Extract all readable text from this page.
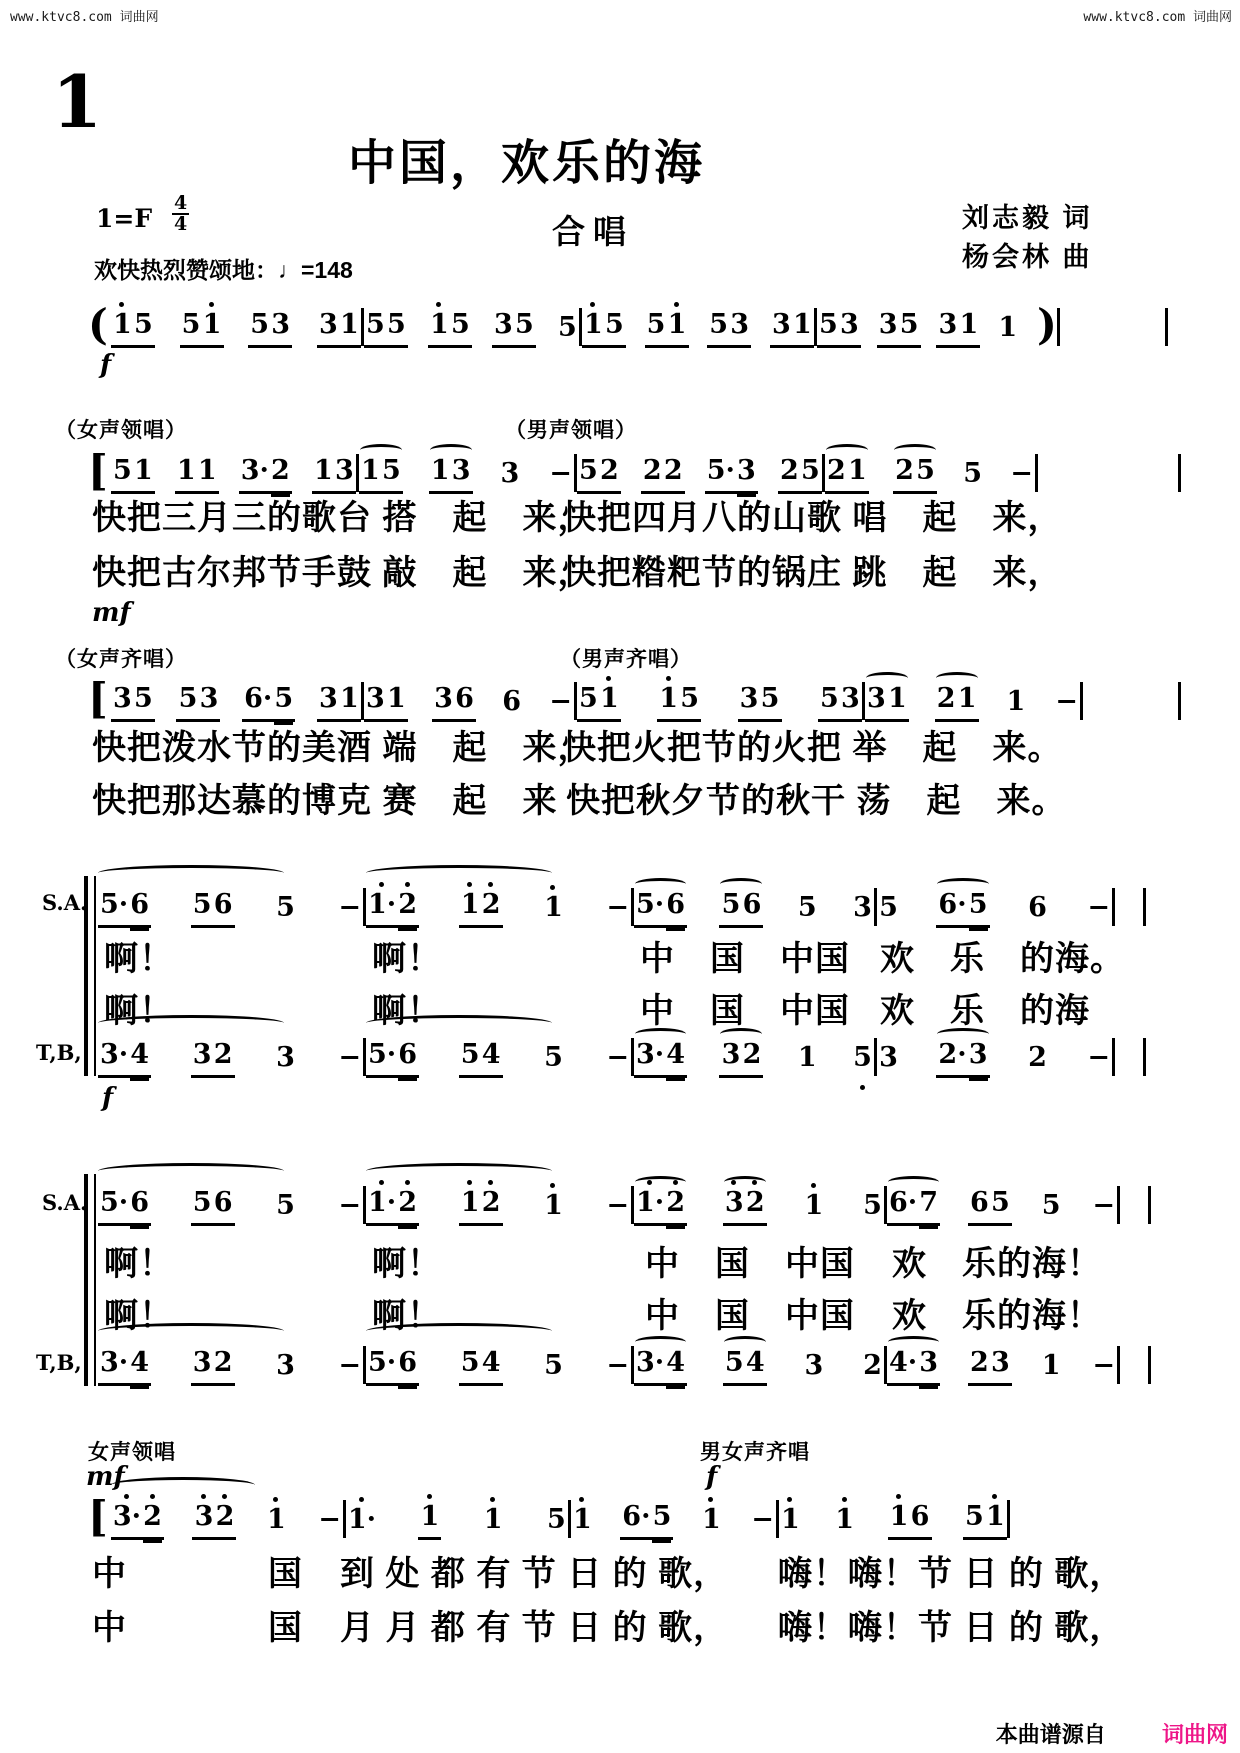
www.ktvc8.com 词曲网	www.ktvc8.com 词曲网
1
中国，欢乐的海
$1=F \frac{4}{4}$	合唱	刘志毅 词
杨会林 曲
欢快热烈赞颂地：♩=148
f
( 1 5 5 1 5 3 3 1 5 5 1 5 3 5 5 1 5 5 1 5 3 3 1 5 3 3 5 3 1 1 )
（女声领唱）	（男声领唱）
快把三月三的歌台 搭　起　来，
快把四月八的山歌 唱　起　来，
快把古尔邦节手鼓 敲　起　来，
快把糌粑节的锅庄 跳　起　来，
mf
[ 5 1 1 1 3· 2 1 3 1 5 1 3 3 − 5 2 2 2 5· 3 2 5 2 1 2 5 5 −
（女声齐唱）	（男声齐唱）
快把泼水节的美酒 端　起　来，
快把火把节的火把 举　起　来。
快把那达慕的博克 赛　起　来 快把秋夕节的秋干 荡　起　来。
[ 3 5 5 3 6· 5 3 1 3 1 3 6 6 − 5 1 1 5 3 5 5 3 3 1 2 1 1 −
S.A.
T,B,
啊！	啊！	中　国　中国 欢　乐　的海。
啊！	啊！	中　国　中国 欢　乐　的海
f
5· 6 5 6 5 − 1
· 2 1 2 1 − 5· 6 5 6 5 3 5 6· 5 6 −
3· 4 3 2 3 − 5· 6 5 4 5 − 3· 4 3 2 1 5 3 2· 3 2 −
S.A.
T,B,
啊！	啊！	中　国　中国 欢　乐的海！
啊！	啊！	中　国　中国 欢　乐的海！
5· 6 5 6 5 − 1
· 2 1 2 1 − 1
· 2 3 2 1 5 6· 7 6 5 5 −
3· 4 3 2 3 − 5· 6 5 4 5 − 3· 4 5 4 3 2 4· 3 2 3 1 −
女声领唱	男女声齐唱
mf	f
中	国 到 处 都 有 节 日 的 歌， 嗨！嗨！节 日 的 歌，
中	国 月 月 都 有 节 日 的 歌， 嗨！嗨！节 日 的 歌，
[ 3
· 2 3 2 1 − 1
· 1 1 5 1 6· 5 1 − 1 1 1 6 5 1
本曲谱源自 　　	词曲网
